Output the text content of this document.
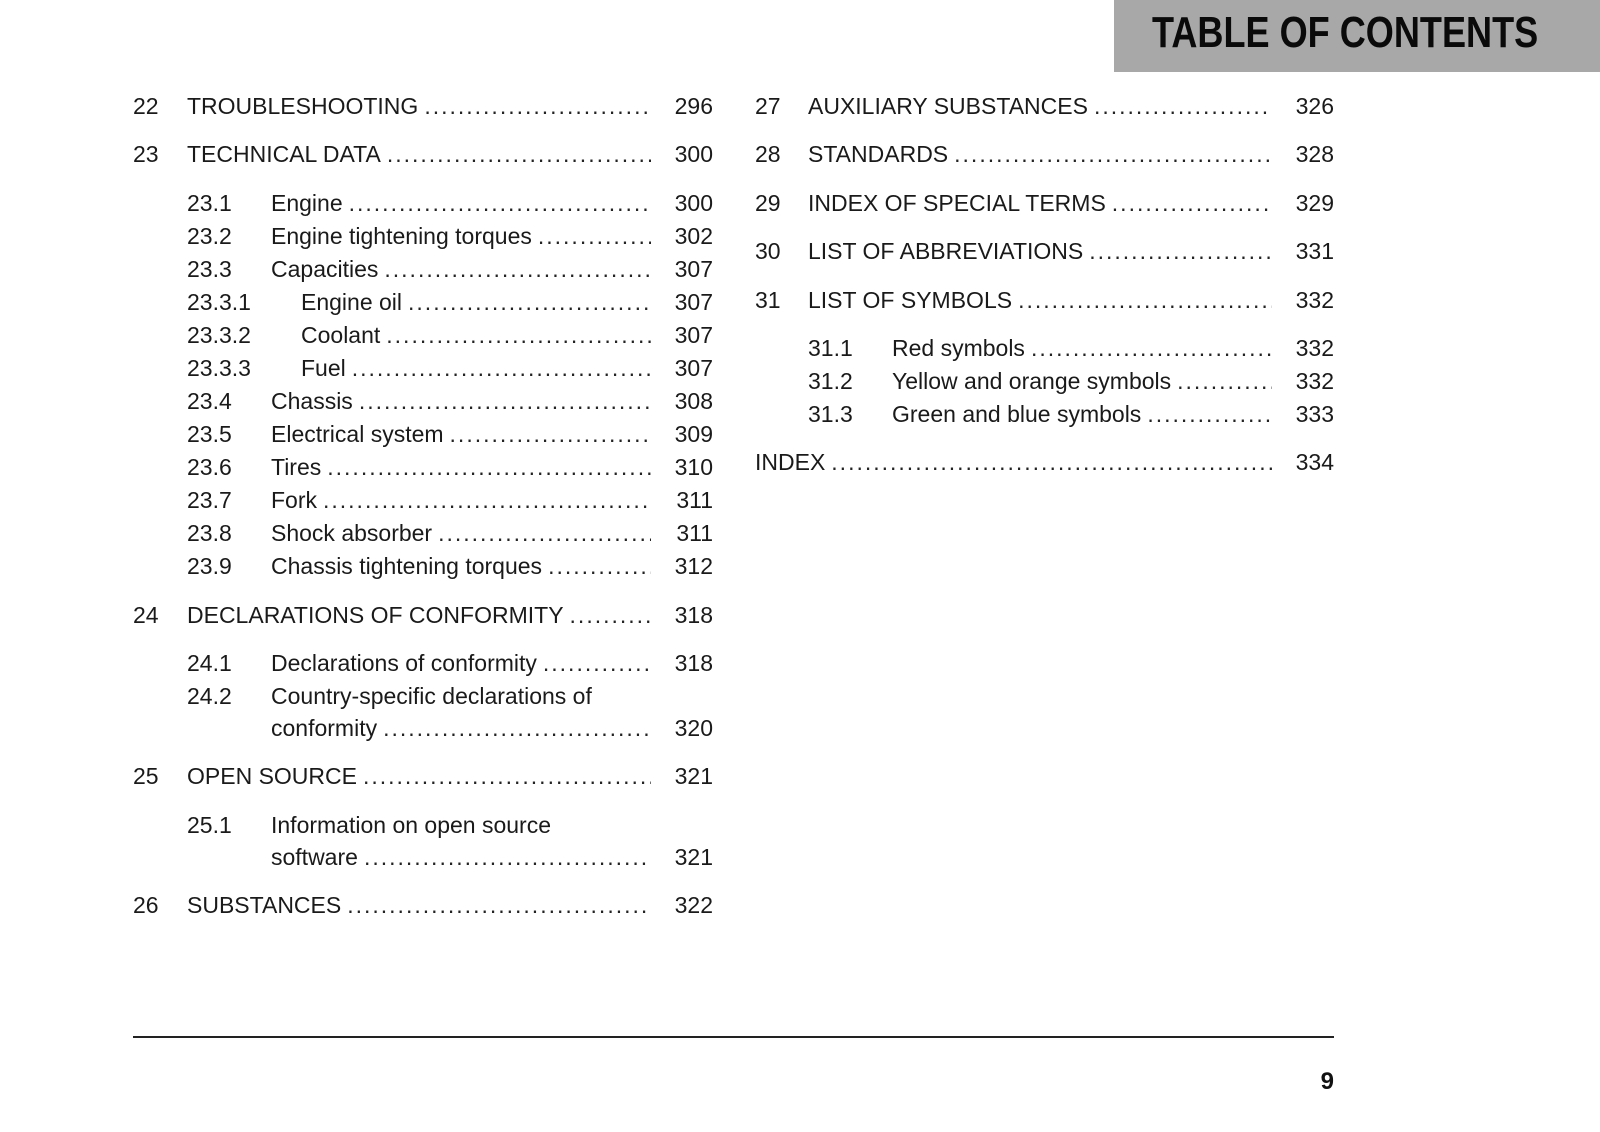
TABLE OF CONTENTS
22 TROUBLESHOOTING .....	296
23 TECHNICAL DATA .....	300
23.1 Engine .....	300
23.2 Engine tightening torques .....	302
23.3 Capacities .....	307
23.3.1 Engine oil .....	307
23.3.2 Coolant .....	307
23.3.3 Fuel .....	307
23.4 Chassis .....	308
23.5 Electrical system .....	309
23.6 Tires .....	310
23.7 Fork .....	311
23.8 Shock absorber .....	311
23.9 Chassis tightening torques .....	312
24 DECLARATIONS OF CONFORMITY .....	318
24.1 Declarations of conformity .....	318
24.2 Country-specific declarations of
conformity .....	320
25 OPEN SOURCE .....	321
25.1 Information on open source
software .....	321
26 SUBSTANCES .....	322
27 AUXILIARY SUBSTANCES .....	326
28 STANDARDS .....	328
29 INDEX OF SPECIAL TERMS .....	329
30 LIST OF ABBREVIATIONS .....	331
31 LIST OF SYMBOLS .....	332
31.1 Red symbols .....	332
31.2 Yellow and orange symbols .....	332
31.3 Green and blue symbols .....	333
INDEX .....	334
9
